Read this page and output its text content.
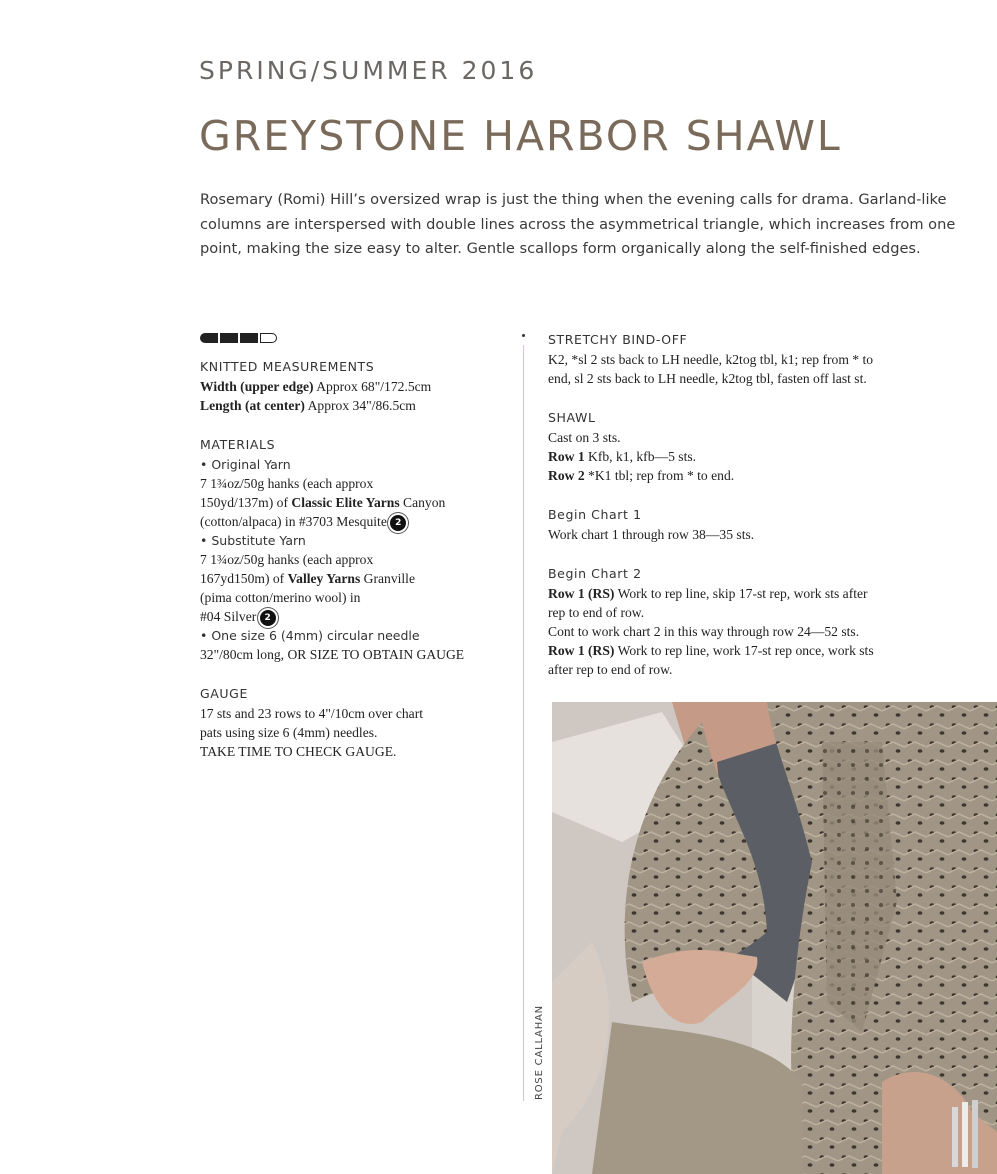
SPRING/SUMMER 2016
GREYSTONE HARBOR SHAWL

Rosemary (Romi) Hill’s oversized wrap is just the thing when the evening calls for drama. Garland-like columns are interspersed with double lines across the asymmetrical triangle, which increases from one point, making the size easy to alter. Gentle scallops form organically along the self-finished edges.

KNITTED MEASUREMENTS

Width (upper edge) Approx 68"/172.5cm

Length (at center) Approx 34"/86.5cm

MATERIALS

• Original Yarn

7 1¾oz/50g hanks (each approx

150yd/137m) of Classic Elite Yarns Canyon

(cotton/alpaca) in #3703 Mesquite 2

• Substitute Yarn

7 1¾oz/50g hanks (each approx

167yd150m) of Valley Yarns Granville

(pima cotton/merino wool) in

#04 Silver 2

• One size 6 (4mm) circular needle

32"/80cm long, OR SIZE TO OBTAIN GAUGE

GAUGE

17 sts and 23 rows to 4"/10cm over chart

pats using size 6 (4mm) needles.

TAKE TIME TO CHECK GAUGE.

STRETCHY BIND-OFF

K2, *sl 2 sts back to LH needle, k2tog tbl, k1; rep from * to

end, sl 2 sts back to LH needle, k2tog tbl, fasten off last st.

SHAWL

Cast on 3 sts.

Row 1 Kfb, k1, kfb—5 sts.

Row 2 *K1 tbl; rep from * to end.

Begin Chart 1

Work chart 1 through row 38—35 sts.

Begin Chart 2

Row 1 (RS) Work to rep line, skip 17-st rep, work sts after

rep to end of row.

Cont to work chart 2 in this way through row 24—52 sts.

Row 1 (RS) Work to rep line, work 17-st rep once, work sts

after rep to end of row.

ROSE CALLAHAN
